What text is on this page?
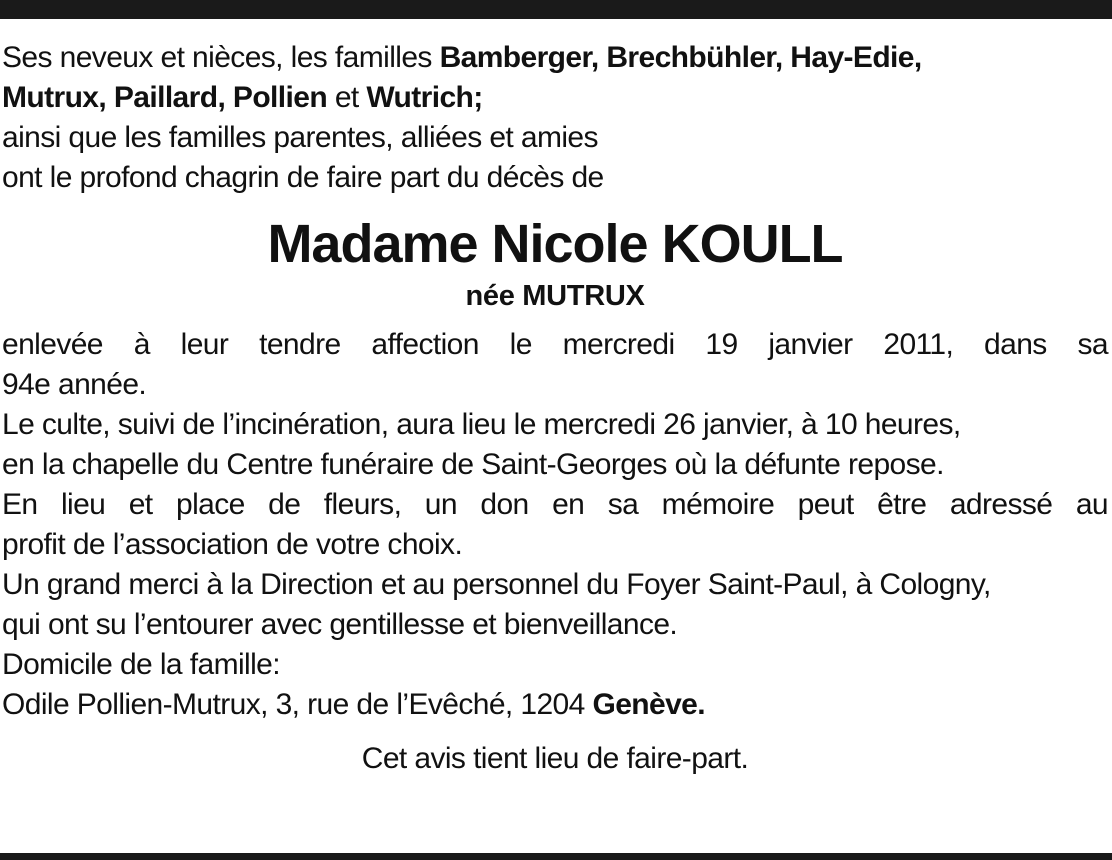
Ses neveux et nièces, les familles Bamberger, Brechbühler, Hay-Edie,
Mutrux, Paillard, Pollien et Wutrich;
ainsi que les familles parentes, alliées et amies
ont le profond chagrin de faire part du décès de
Madame Nicole KOULL
née MUTRUX
enlevée à leur tendre affection le mercredi 19 janvier 2011, dans sa
94e année.
Le culte, suivi de l’incinération, aura lieu le mercredi 26 janvier, à 10 heures,
en la chapelle du Centre funéraire de Saint-Georges où la défunte repose.
En lieu et place de fleurs, un don en sa mémoire peut être adressé au
profit de l’association de votre choix.
Un grand merci à la Direction et au personnel du Foyer Saint-Paul, à Cologny,
qui ont su l’entourer avec gentillesse et bienveillance.
Domicile de la famille:
Odile Pollien-Mutrux, 3, rue de l’Evêché, 1204 Genève.
Cet avis tient lieu de faire-part.
